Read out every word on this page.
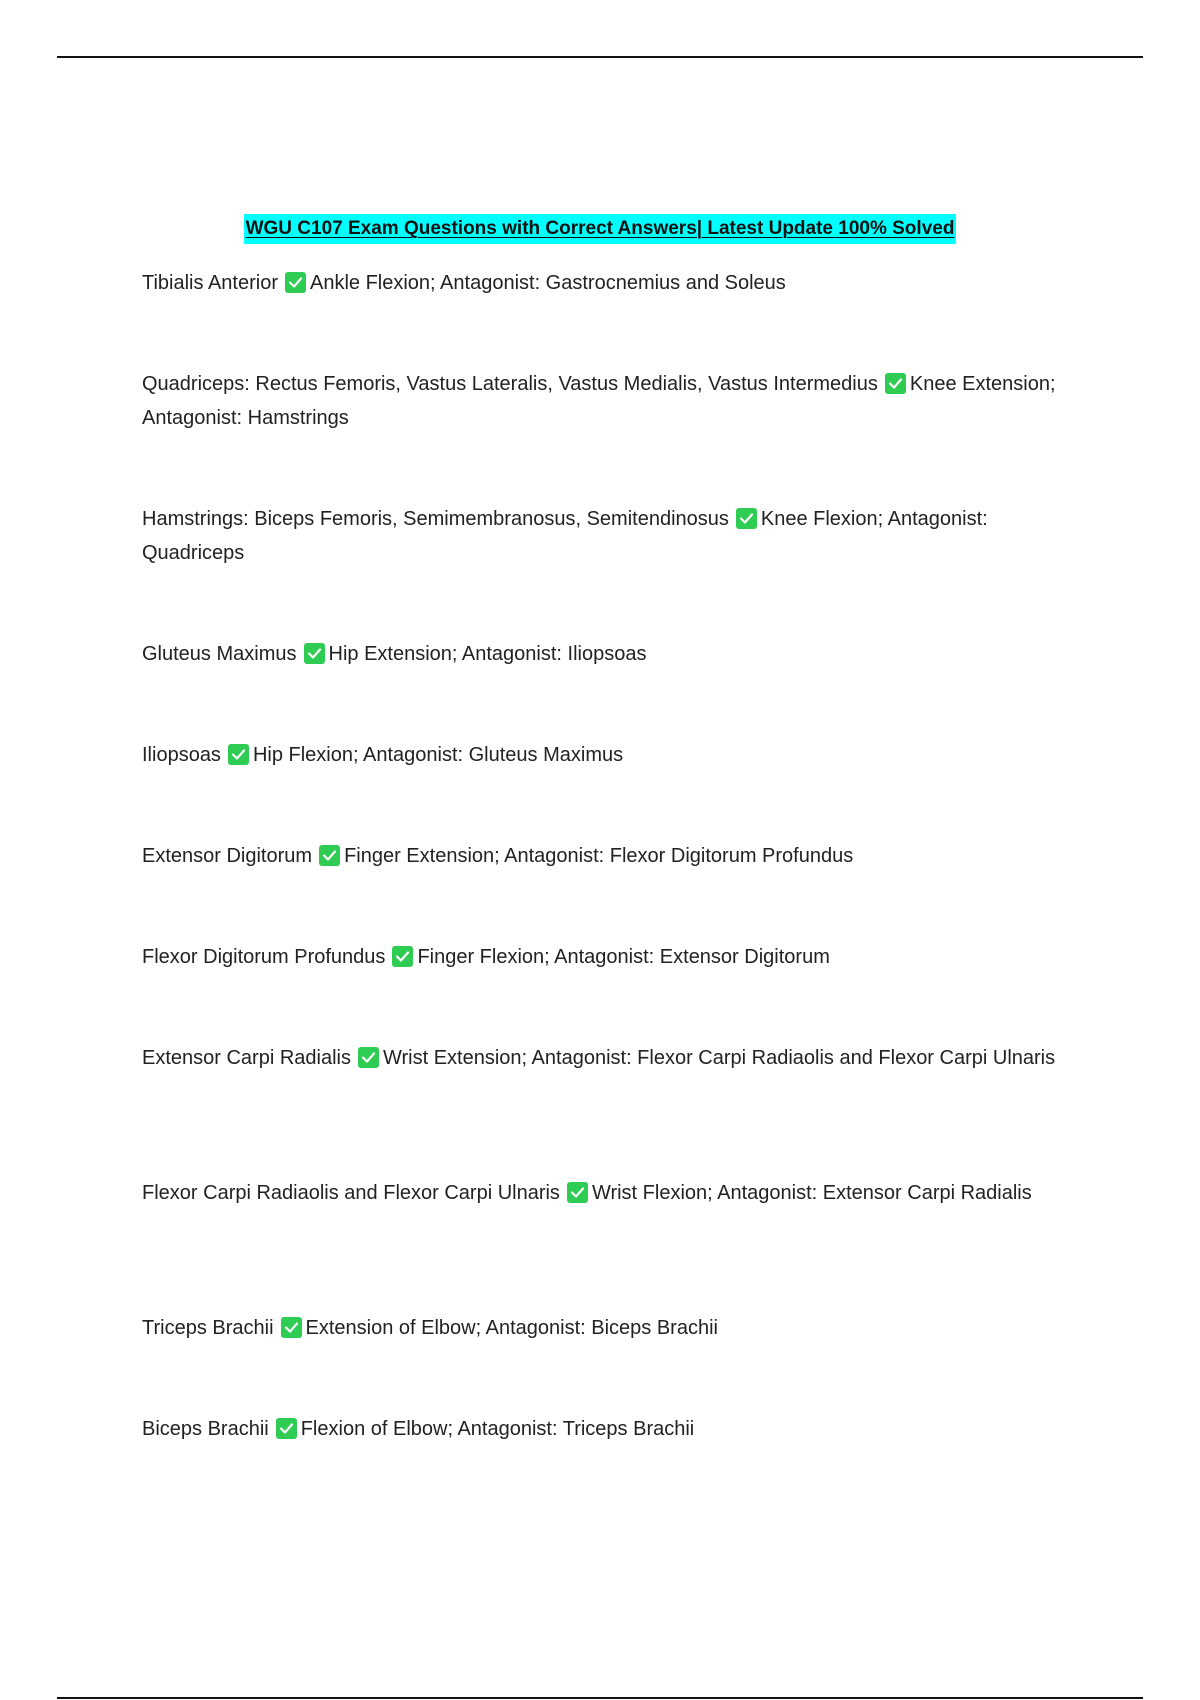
WGU C107 Exam Questions with Correct Answers| Latest Update 100% Solved
Tibialis Anterior Ankle Flexion; Antagonist: Gastrocnemius and Soleus
Quadriceps: Rectus Femoris, Vastus Lateralis, Vastus Medialis, Vastus Intermedius Knee Extension; Antagonist: Hamstrings
Hamstrings: Biceps Femoris, Semimembranosus, Semitendinosus Knee Flexion; Antagonist: Quadriceps
Gluteus Maximus Hip Extension; Antagonist: Iliopsoas
Iliopsoas Hip Flexion; Antagonist: Gluteus Maximus
Extensor Digitorum Finger Extension; Antagonist: Flexor Digitorum Profundus
Flexor Digitorum Profundus Finger Flexion; Antagonist: Extensor Digitorum
Extensor Carpi Radialis Wrist Extension; Antagonist: Flexor Carpi Radiaolis and Flexor Carpi Ulnaris
Flexor Carpi Radiaolis and Flexor Carpi Ulnaris Wrist Flexion; Antagonist: Extensor Carpi Radialis
Triceps Brachii Extension of Elbow; Antagonist: Biceps Brachii
Biceps Brachii Flexion of Elbow; Antagonist: Triceps Brachii
